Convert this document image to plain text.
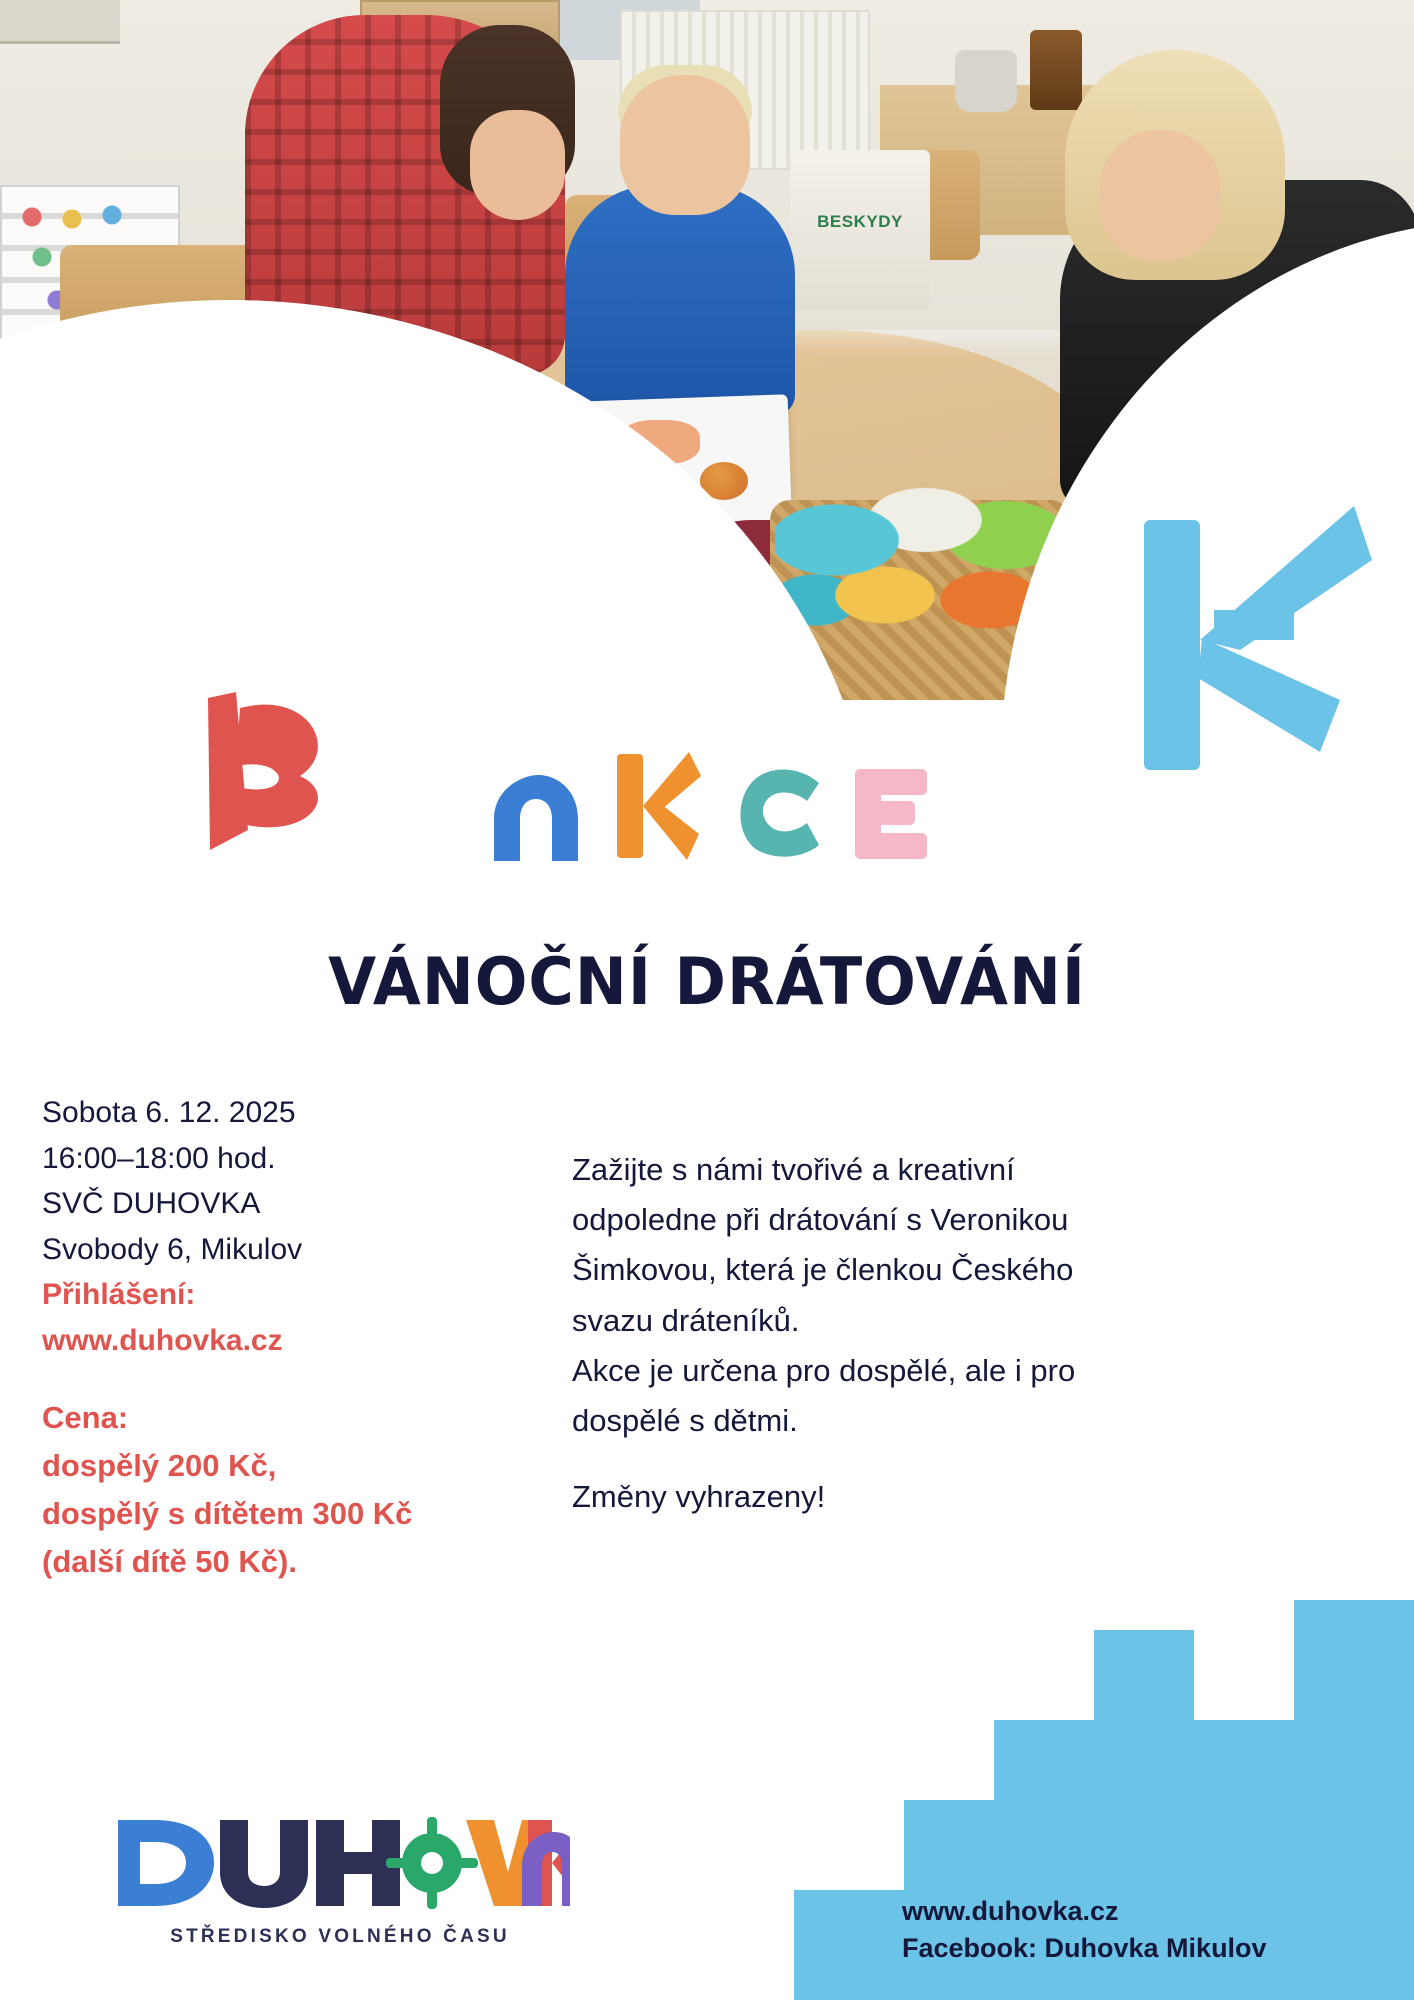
BESKYDY
VÁNOČNÍ DRÁTOVÁNÍ
Sobota 6. 12. 2025
16:00–18:00 hod.
SVČ DUHOVKA
Svobody 6, Mikulov
Přihlášení:
www.duhovka.cz
Cena:
dospělý 200 Kč,
dospělý s dítětem 300 Kč
(další dítě 50 Kč).

Zažijte s námi tvořivé a kreativní
odpoledne při drátování s Veronikou
Šimkovou, která je členkou Českého
svazu dráteníků.
Akce je určena pro dospělé, ale i pro
dospělé s dětmi.

Změny vyhrazeny!

STŘEDISKO VOLNÉHO ČASU
www.duhovka.cz
Facebook: Duhovka Mikulov
